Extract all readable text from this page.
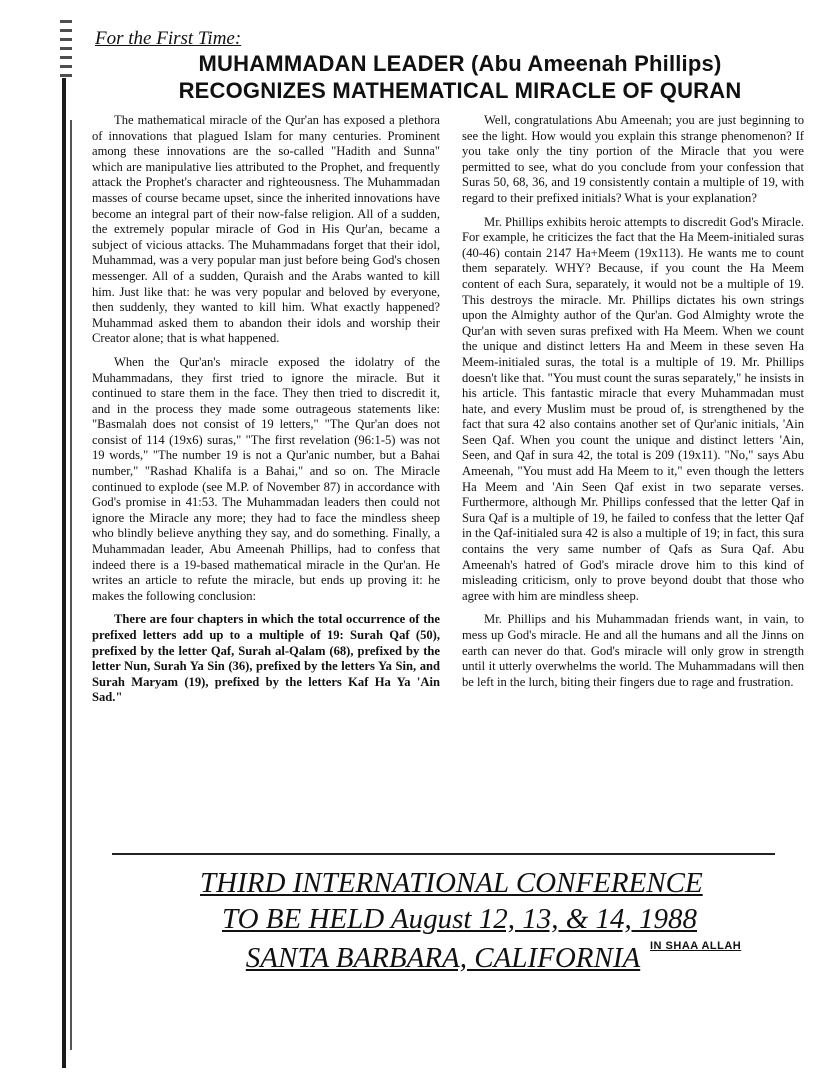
For the First Time:
MUHAMMADAN LEADER (Abu Ameenah Phillips)
RECOGNIZES MATHEMATICAL MIRACLE OF QURAN

The mathematical miracle of the Qur'an has exposed a plethora of innovations that plagued Islam for many centuries. Prominent among these innovations are the so-called "Hadith and Sunna" which are manipulative lies attributed to the Prophet, and frequently attack the Prophet's character and righteousness. The Muhammadan masses of course became upset, since the inherited innovations have become an integral part of their now-false religion. All of a sudden, the extremely popular miracle of God in His Qur'an, became a subject of vicious attacks. The Muhammadans forget that their idol, Muhammad, was a very popular man just before being God's chosen messenger. All of a sudden, Quraish and the Arabs wanted to kill him. Just like that: he was very popular and beloved by everyone, then suddenly, they wanted to kill him. What exactly happened? Muhammad asked them to abandon their idols and worship their Creator alone; that is what happened.

When the Qur'an's miracle exposed the idolatry of the Muhammadans, they first tried to ignore the miracle. But it continued to stare them in the face. They then tried to discredit it, and in the process they made some outrageous statements like: "Basmalah does not consist of 19 letters," "The Qur'an does not consist of 114 (19x6) suras," "The first revelation (96:1-5) was not 19 words," "The number 19 is not a Qur'anic number, but a Bahai number," "Rashad Khalifa is a Bahai," and so on. The Miracle continued to explode (see M.P. of November 87) in accordance with God's promise in 41:53. The Muhammadan leaders then could not ignore the Miracle any more; they had to face the mindless sheep who blindly believe anything they say, and do something. Finally, a Muhammadan leader, Abu Ameenah Phillips, had to confess that indeed there is a 19-based mathematical miracle in the Qur'an. He writes an article to refute the miracle, but ends up proving it: he makes the following conclusion:

There are four chapters in which the total occurrence of the prefixed letters add up to a multiple of 19: Surah Qaf (50), prefixed by the letter Qaf, Surah al-Qalam (68), prefixed by the letter Nun, Surah Ya Sin (36), prefixed by the letters Ya Sin, and Surah Maryam (19), prefixed by the letters Kaf Ha Ya 'Ain Sad."

Well, congratulations Abu Ameenah; you are just beginning to see the light. How would you explain this strange phenomenon? If you take only the tiny portion of the Miracle that you were permitted to see, what do you conclude from your confession that Suras 50, 68, 36, and 19 consistently contain a multiple of 19, with regard to their prefixed initials? What is your explanation?

Mr. Phillips exhibits heroic attempts to discredit God's Miracle. For example, he criticizes the fact that the Ha Meem-initialed suras (40-46) contain 2147 Ha+Meem (19x113). He wants me to count them separately. WHY? Because, if you count the Ha Meem content of each Sura, separately, it would not be a multiple of 19. This destroys the miracle. Mr. Phillips dictates his own strings upon the Almighty author of the Qur'an. God Almighty wrote the Qur'an with seven suras prefixed with Ha Meem. When we count the unique and distinct letters Ha and Meem in these seven Ha Meem-initialed suras, the total is a multiple of 19. Mr. Phillips doesn't like that. "You must count the suras separately," he insists in his article. This fantastic miracle that every Muhammadan must hate, and every Muslim must be proud of, is strengthened by the fact that sura 42 also contains another set of Qur'anic initials, 'Ain Seen Qaf. When you count the unique and distinct letters 'Ain, Seen, and Qaf in sura 42, the total is 209 (19x11). "No," says Abu Ameenah, "You must add Ha Meem to it," even though the letters Ha Meem and 'Ain Seen Qaf exist in two separate verses. Furthermore, although Mr. Phillips confessed that the letter Qaf in Sura Qaf is a multiple of 19, he failed to confess that the letter Qaf in the Qaf-initialed sura 42 is also a multiple of 19; in fact, this sura contains the very same number of Qafs as Sura Qaf. Abu Ameenah's hatred of God's miracle drove him to this kind of misleading criticism, only to prove beyond doubt that those who agree with him are mindless sheep.

Mr. Phillips and his Muhammadan friends want, in vain, to mess up God's miracle. He and all the humans and all the Jinns on earth can never do that. God's miracle will only grow in strength until it utterly overwhelms the world. The Muhammadans will then be left in the lurch, biting their fingers due to rage and frustration.

THIRD INTERNATIONAL CONFERENCE
TO BE HELD August 12, 13, & 14, 1988
SANTA BARBARA, CALIFORNIA IN SHAA ALLAH
